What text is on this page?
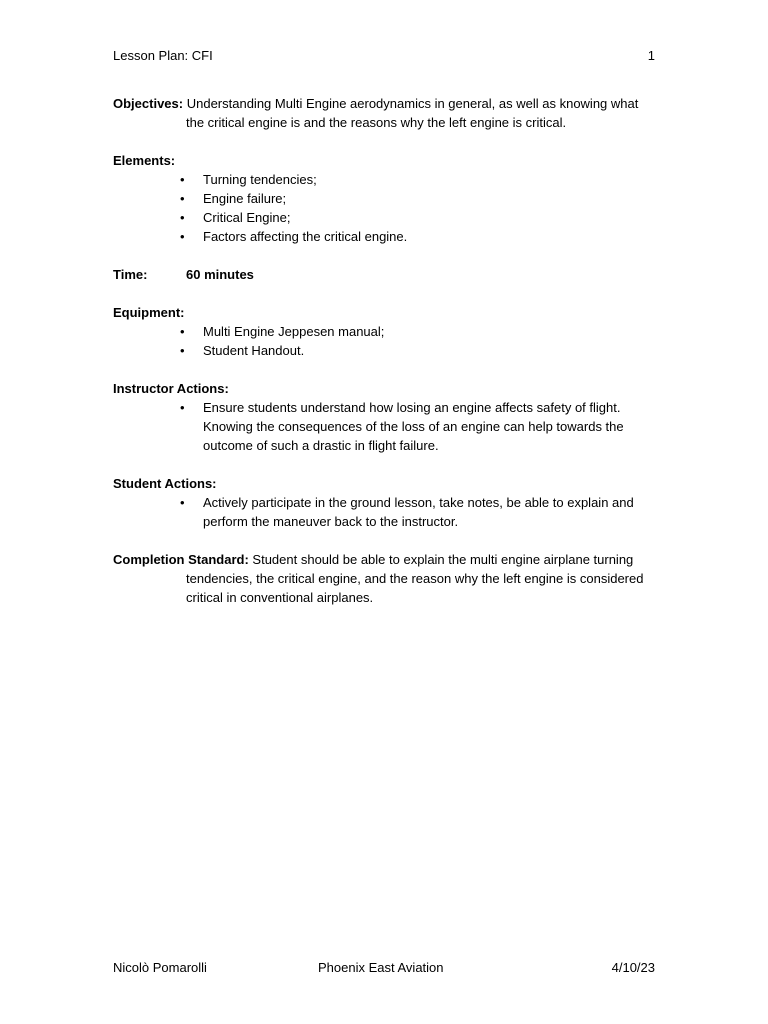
Lesson Plan: CFI	1
Objectives: Understanding Multi Engine aerodynamics in general, as well as knowing what the critical engine is and the reasons why the left engine is critical.
Elements:
• Turning tendencies;
• Engine failure;
• Critical Engine;
• Factors affecting the critical engine.
Time:	60 minutes
Equipment:
• Multi Engine Jeppesen manual;
• Student Handout.
Instructor Actions:
• Ensure students understand how losing an engine affects safety of flight. Knowing the consequences of the loss of an engine can help towards the outcome of such a drastic in flight failure.
Student Actions:
• Actively participate in the ground lesson, take notes, be able to explain and perform the maneuver back to the instructor.
Completion Standard: Student should be able to explain the multi engine airplane turning tendencies, the critical engine, and the reason why the left engine is considered critical in conventional airplanes.
Nicolò Pomarolli	Phoenix East Aviation	4/10/23
